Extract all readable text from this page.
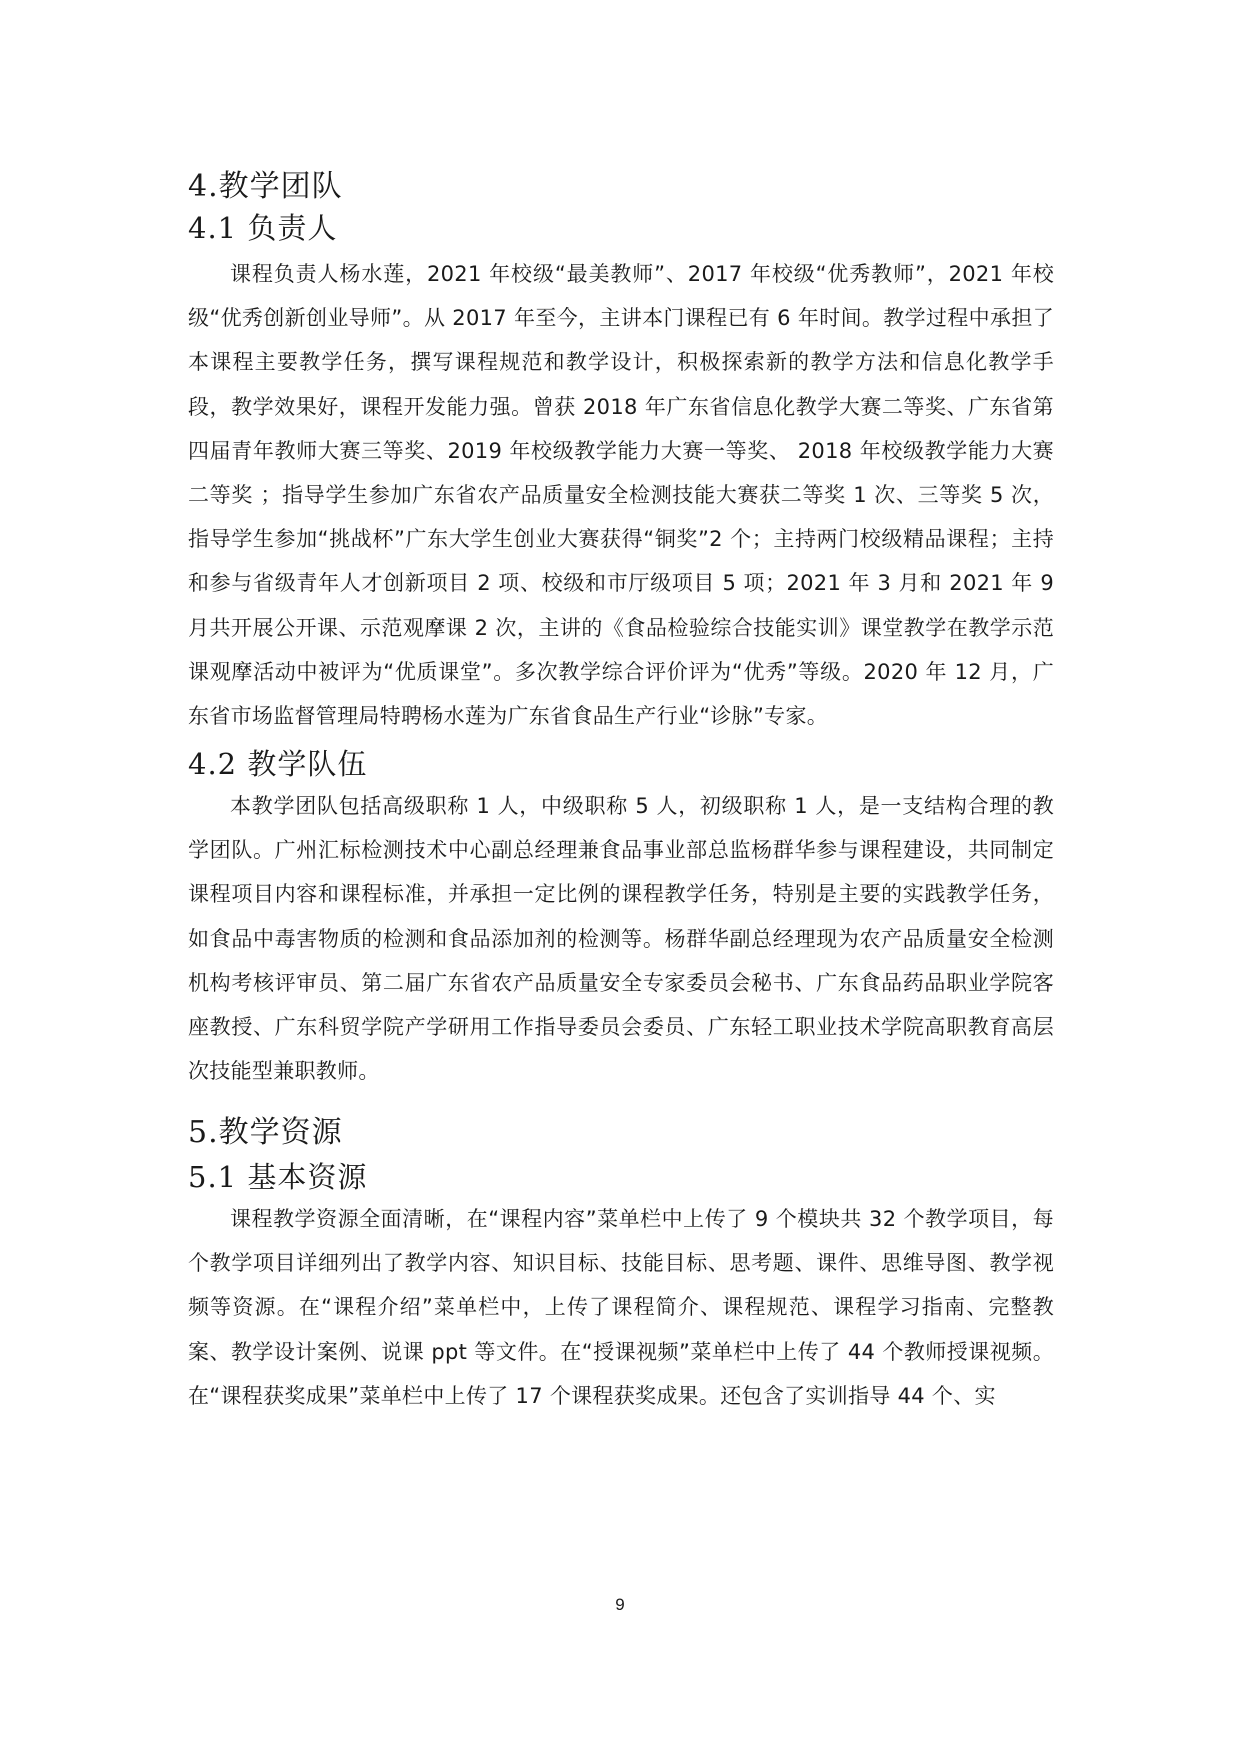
4.教学团队
4.1 负责人

课程负责人杨水莲，2021 年校级“最美教师”、2017 年校级“优秀教师”，2021 年校级“优秀创新创业导师”。从 2017 年至今，主讲本门课程已有 6 年时间。教学过程中承担了本课程主要教学任务，撰写课程规范和教学设计，积极探索新的教学方法和信息化教学手段，教学效果好，课程开发能力强。曾获 2018 年广东省信息化教学大赛二等奖、广东省第四届青年教师大赛三等奖、2019 年校级教学能力大赛一等奖、 2018 年校级教学能力大赛二等奖 ；指导学生参加广东省农产品质量安全检测技能大赛获二等奖 1 次、三等奖 5 次，指导学生参加“挑战杯”广东大学生创业大赛获得“铜奖”2 个；主持两门校级精品课程；主持和参与省级青年人才创新项目 2 项、校级和市厅级项目 5 项；2021 年 3 月和 2021 年 9 月共开展公开课、示范观摩课 2 次，主讲的《食品检验综合技能实训》课堂教学在教学示范课观摩活动中被评为“优质课堂”。多次教学综合评价评为“优秀”等级。2020 年 12 月，广东省市场监督管理局特聘杨水莲为广东省食品生产行业“诊脉”专家。

4.2 教学队伍

本教学团队包括高级职称 1 人，中级职称 5 人，初级职称 1 人，是一支结构合理的教学团队。广州汇标检测技术中心副总经理兼食品事业部总监杨群华参与课程建设，共同制定课程项目内容和课程标准，并承担一定比例的课程教学任务，特别是主要的实践教学任务，如食品中毒害物质的检测和食品添加剂的检测等。杨群华副总经理现为农产品质量安全检测机构考核评审员、第二届广东省农产品质量安全专家委员会秘书、广东食品药品职业学院客座教授、广东科贸学院产学研用工作指导委员会委员、广东轻工职业技术学院高职教育高层次技能型兼职教师。

5.教学资源
5.1 基本资源

课程教学资源全面清晰，在“课程内容”菜单栏中上传了 9 个模块共 32 个教学项目，每个教学项目详细列出了教学内容、知识目标、技能目标、思考题、课件、思维导图、教学视频等资源。在“课程介绍”菜单栏中，上传了课程简介、课程规范、课程学习指南、完整教案、教学设计案例、说课 ppt 等文件。在“授课视频”菜单栏中上传了 44 个教师授课视频。在“课程获奖成果”菜单栏中上传了 17 个课程获奖成果。还包含了实训指导 44 个、实

9
